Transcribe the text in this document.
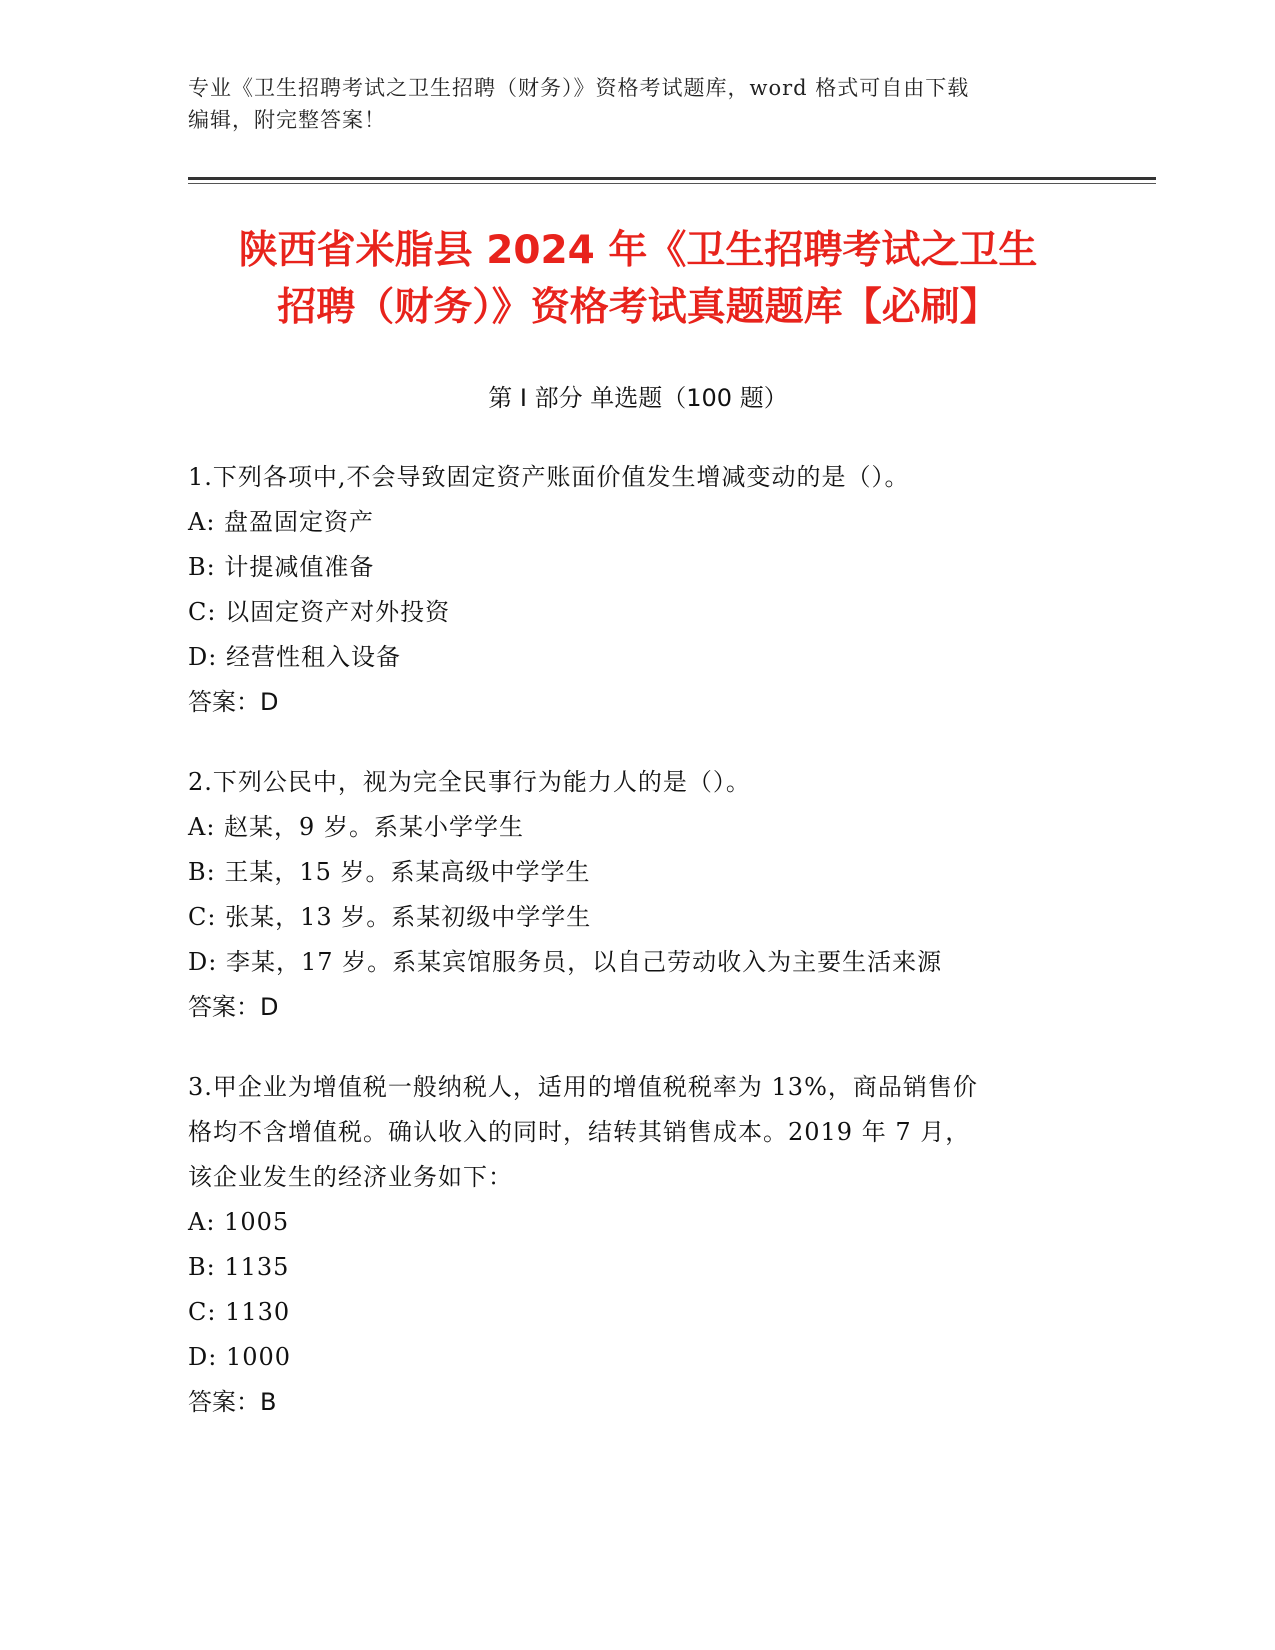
专业《卫生招聘考试之卫生招聘（财务）》资格考试题库，word 格式可自由下载
编辑，附完整答案！
陕西省米脂县 2024 年《卫生招聘考试之卫生
招聘（财务）》资格考试真题题库【必刷】
第 I 部分 单选题（100 题）
1.下列各项中,不会导致固定资产账面价值发生增减变动的是（）。
A: 盘盈固定资产
B: 计提减值准备
C: 以固定资产对外投资
D: 经营性租入设备
答案：D
2.下列公民中，视为完全民事行为能力人的是（）。
A: 赵某，9 岁。系某小学学生
B: 王某，15 岁。系某高级中学学生
C: 张某，13 岁。系某初级中学学生
D: 李某，17 岁。系某宾馆服务员，以自己劳动收入为主要生活来源
答案：D
3.甲企业为增值税一般纳税人，适用的增值税税率为 13%，商品销售价
格均不含增值税。确认收入的同时，结转其销售成本。2019 年 7 月，
该企业发生的经济业务如下：
A: 1005
B: 1135
C: 1130
D: 1000
答案：B
